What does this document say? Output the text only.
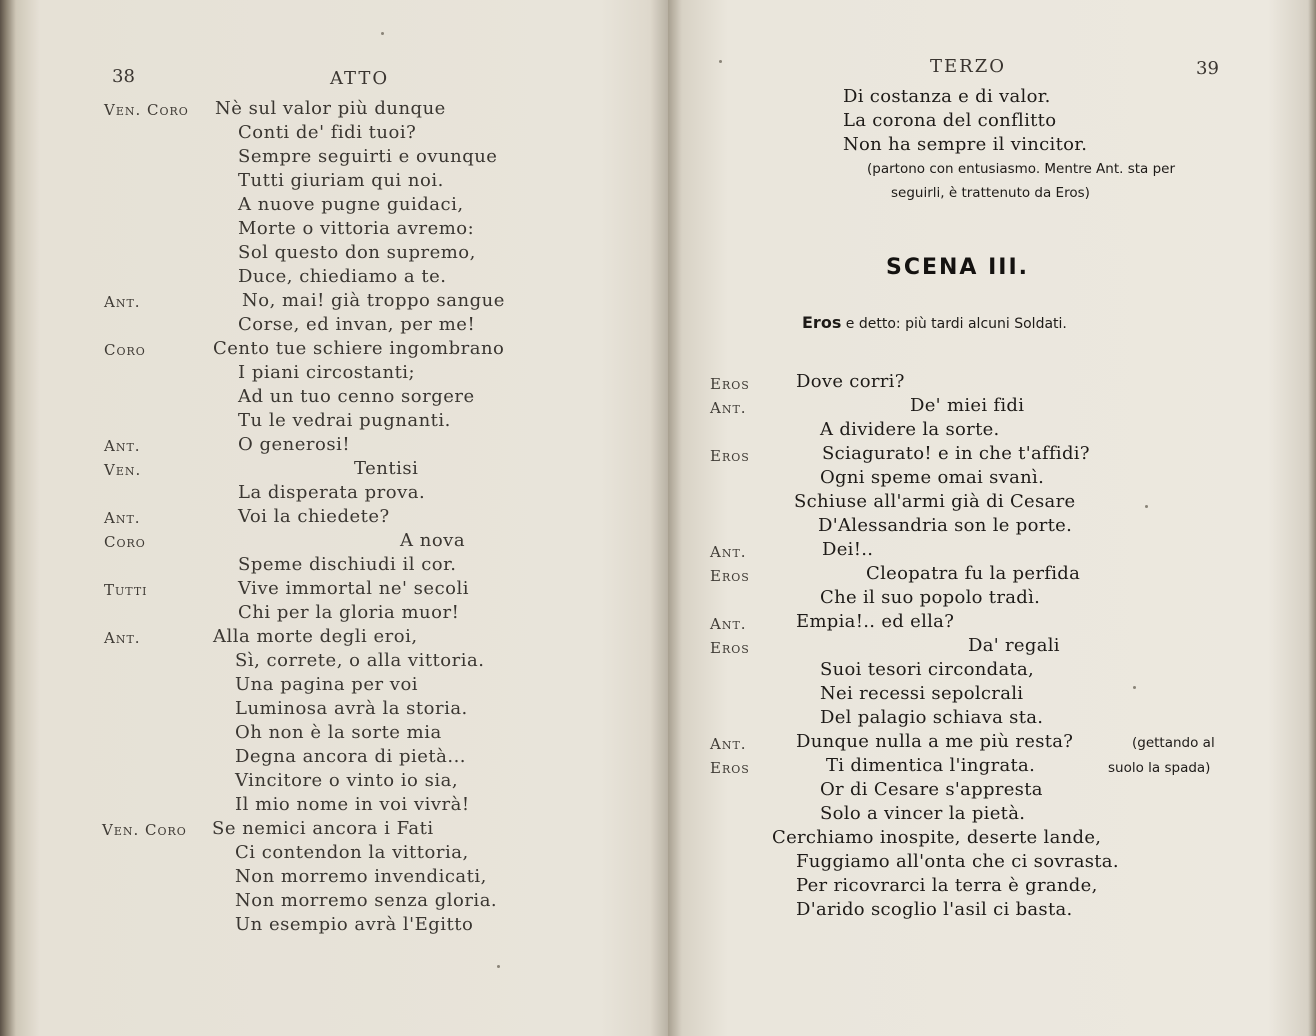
38	ATTO
Ven. Coro Nè sul valor più dunque
Conti de' fidi tuoi?
Sempre seguirti e ovunque
Tutti giuriam qui noi.
A nuove pugne guidaci,
Morte o vittoria avremo:
Sol questo don supremo,
Duce, chiediamo a te.
Ant.	No, mai! già troppo sangue
Corse, ed invan, per me!
Coro	Cento tue schiere ingombrano
I piani circostanti;
Ad un tuo cenno sorgere
Tu le vedrai pugnanti.
Ant.	O generosi!
Ven.	Tentisi
La disperata prova.
Ant.	Voi la chiedete?
Coro	A nova
Speme dischiudi il cor.
Tutti	Vive immortal ne' secoli
Chi per la gloria muor!
Ant.	Alla morte degli eroi,
Sì, correte, o alla vittoria.
Una pagina per voi
Luminosa avrà la storia.
Oh non è la sorte mia
Degna ancora di pietà...
Vincitore o vinto io sia,
Il mio nome in voi vivrà!
Ven. Coro Se nemici ancora i Fati
Ci contendon la vittoria,
Non morremo invendicati,
Non morremo senza gloria.
Un esempio avrà l'Egitto
TERZO	39
Di costanza e di valor.
La corona del conflitto
Non ha sempre il vincitor.
(partono con entusiasmo. Mentre Ant. sta per
seguirli, è trattenuto da Eros)
SCENA III.
Eros e detto: più tardi alcuni Soldati.
Eros	Dove corri?
Ant.	De' miei fidi
A dividere la sorte.
Eros	Sciagurato! e in che t'affidi?
Ogni speme omai svanì.
Schiuse all'armi già di Cesare
D'Alessandria son le porte.
Ant.	Dei!..
Eros	Cleopatra fu la perfida
Che il suo popolo tradì.
Ant.	Empia!.. ed ella?
Eros	Da' regali
Suoi tesori circondata,
Nei recessi sepolcrali
Del palagio schiava sta.
Ant.	Dunque nulla a me più resta?	(gettando al
Eros	Ti dimentica l'ingrata.	suolo la spada)
Or di Cesare s'appresta
Solo a vincer la pietà.
Cerchiamo inospite, deserte lande,
Fuggiamo all'onta che ci sovrasta.
Per ricovrarci la terra è grande,
D'arido scoglio l'asil ci basta.
